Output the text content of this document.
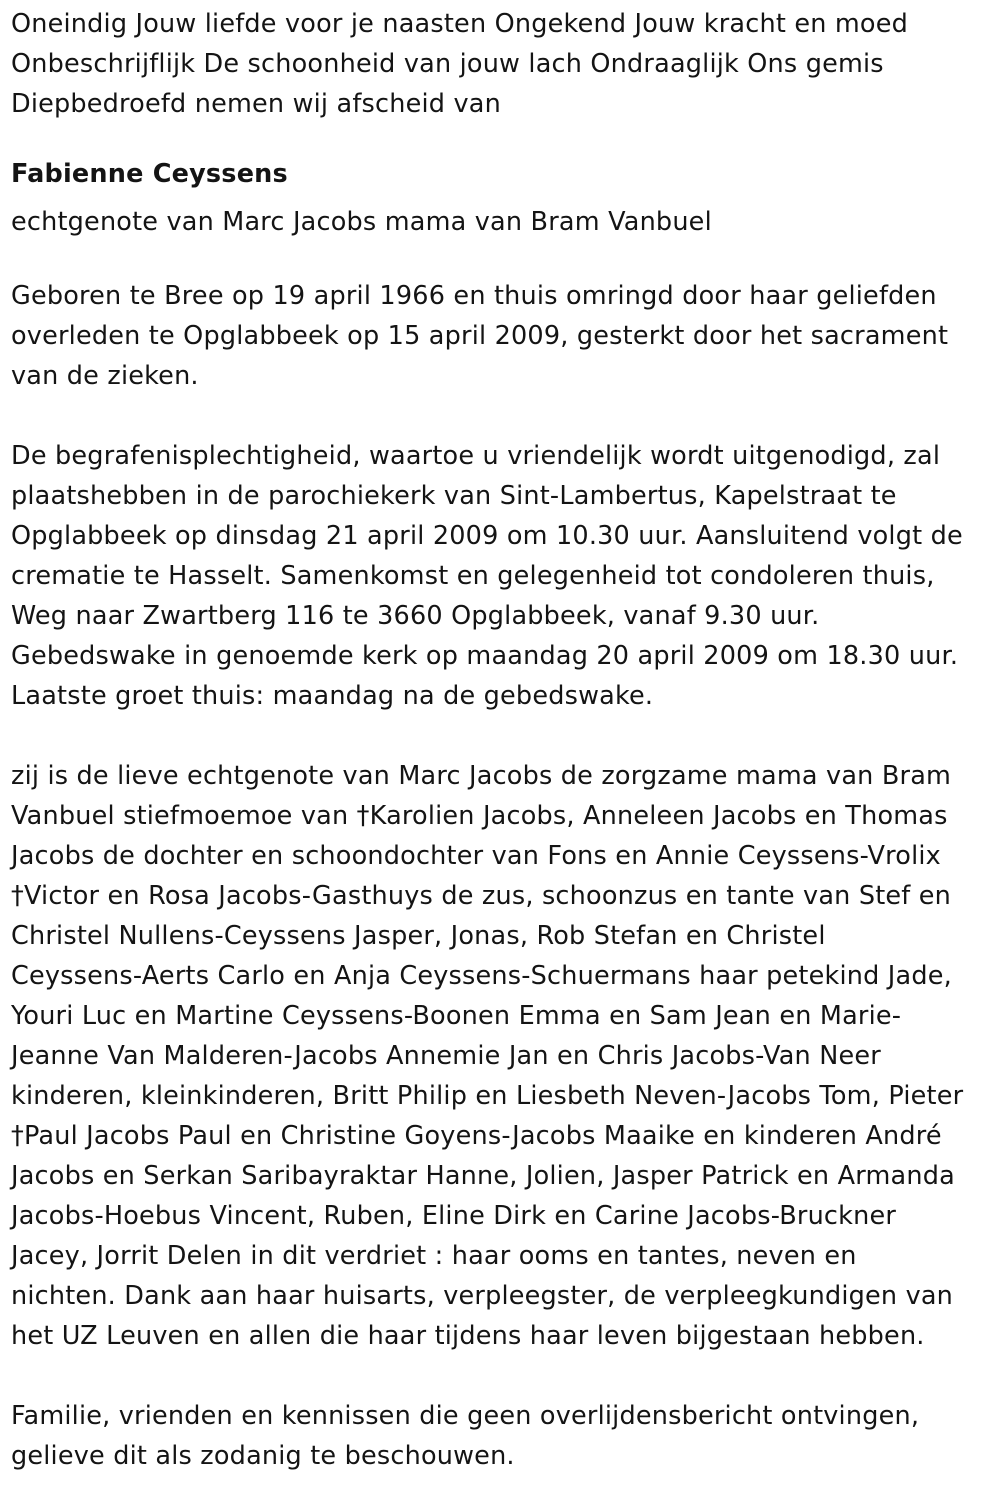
Oneindig Jouw liefde voor je naasten Ongekend Jouw kracht en moed
Onbeschrijflijk De schoonheid van jouw lach Ondraaglijk Ons gemis
Diepbedroefd nemen wij afscheid van
Fabienne Ceyssens
echtgenote van Marc Jacobs mama van Bram Vanbuel
Geboren te Bree op 19 april 1966 en thuis omringd door haar geliefden
overleden te Opglabbeek op 15 april 2009, gesterkt door het sacrament
van de zieken.
De begrafenisplechtigheid, waartoe u vriendelijk wordt uitgenodigd, zal
plaatshebben in de parochiekerk van Sint-Lambertus, Kapelstraat te
Opglabbeek op dinsdag 21 april 2009 om 10.30 uur. Aansluitend volgt de
crematie te Hasselt. Samenkomst en gelegenheid tot condoleren thuis,
Weg naar Zwartberg 116 te 3660 Opglabbeek, vanaf 9.30 uur.
Gebedswake in genoemde kerk op maandag 20 april 2009 om 18.30 uur.
Laatste groet thuis: maandag na de gebedswake.
zij is de lieve echtgenote van Marc Jacobs de zorgzame mama van Bram
Vanbuel stiefmoemoe van †Karolien Jacobs, Anneleen Jacobs en Thomas
Jacobs de dochter en schoondochter van Fons en Annie Ceyssens-Vrolix
†Victor en Rosa Jacobs-Gasthuys de zus, schoonzus en tante van Stef en
Christel Nullens-Ceyssens Jasper, Jonas, Rob Stefan en Christel
Ceyssens-Aerts Carlo en Anja Ceyssens-Schuermans haar petekind Jade,
Youri Luc en Martine Ceyssens-Boonen Emma en Sam Jean en Marie-
Jeanne Van Malderen-Jacobs Annemie Jan en Chris Jacobs-Van Neer
kinderen, kleinkinderen, Britt Philip en Liesbeth Neven-Jacobs Tom, Pieter
†Paul Jacobs Paul en Christine Goyens-Jacobs Maaike en kinderen André
Jacobs en Serkan Saribayraktar Hanne, Jolien, Jasper Patrick en Armanda
Jacobs-Hoebus Vincent, Ruben, Eline Dirk en Carine Jacobs-Bruckner
Jacey, Jorrit Delen in dit verdriet : haar ooms en tantes, neven en
nichten. Dank aan haar huisarts, verpleegster, de verpleegkundigen van
het UZ Leuven en allen die haar tijdens haar leven bijgestaan hebben.
Familie, vrienden en kennissen die geen overlijdensbericht ontvingen,
gelieve dit als zodanig te beschouwen.
